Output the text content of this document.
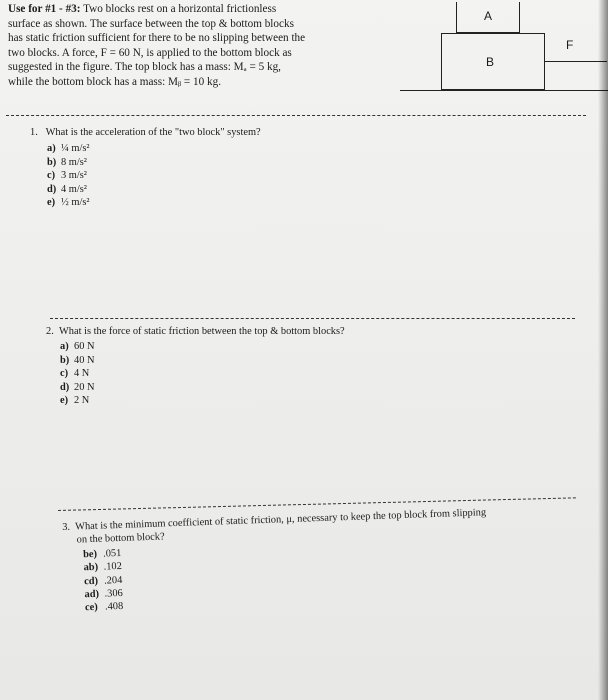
Use for #1 - #3: Two blocks rest on a horizontal frictionless
surface as shown. The surface between the top & bottom blocks
has static friction sufficient for there to be no slipping between the
two blocks. A force, F = 60 N, is applied to the bottom block as
suggested in the figure. The top block has a mass: Mₐ = 5 kg,
while the bottom block has a mass: Mᵦ = 10 kg.
A
B
F
1. What is the acceleration of the "two block" system?
a) ¼ m/s²
b) 8 m/s²
c) 3 m/s²
d) 4 m/s²
e) ½ m/s²
2. What is the force of static friction between the top & bottom blocks?
a) 60 N
b) 40 N
c) 4 N
d) 20 N
e) 2 N
3. What is the minimum coefficient of static friction, μ, necessary to keep the top block from slipping
on the bottom block?
be) .051
ab) .102
cd) .204
ad) .306
ce) .408
